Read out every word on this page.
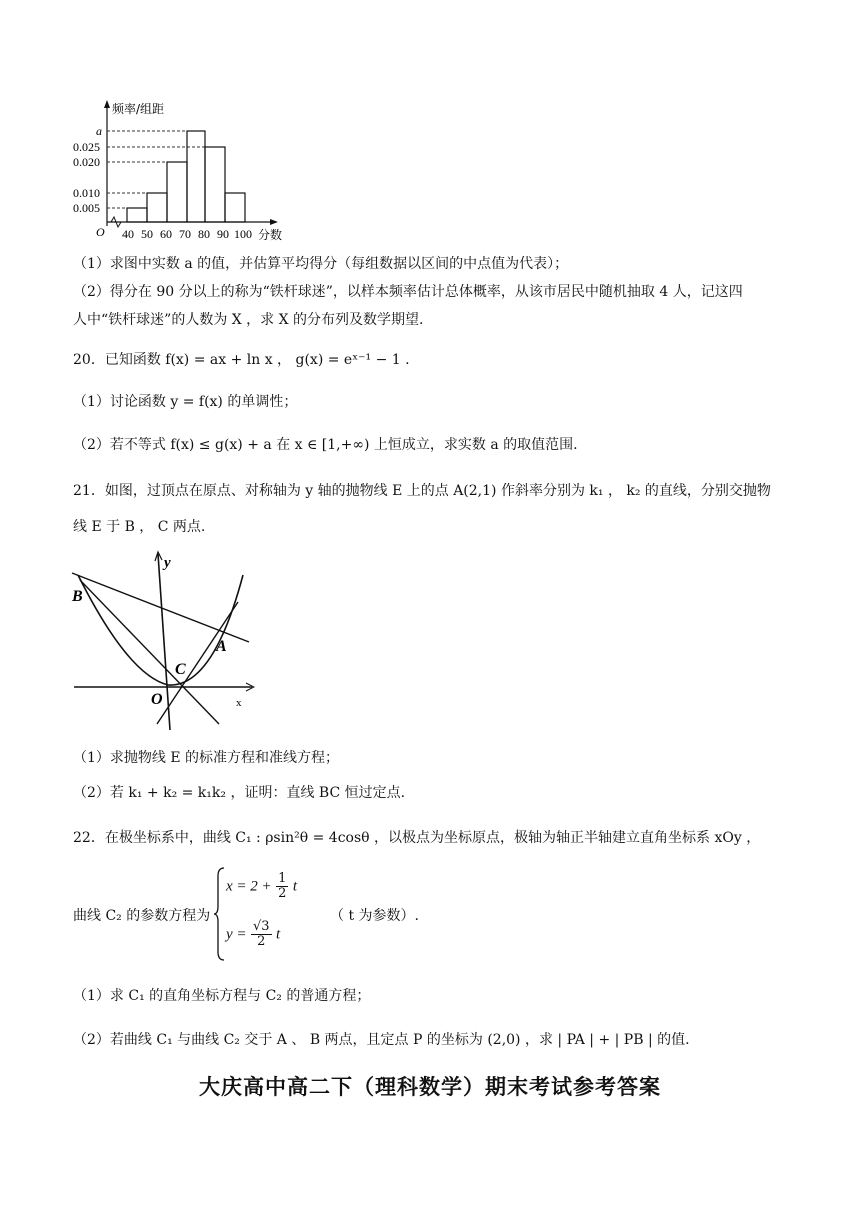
频率/组距
a
0.025
0.020
0.010
0.005
O 40 50 60 70 80 90 100 分数
（1）求图中实数 a 的值，并估算平均得分（每组数据以区间的中点值为代表）；
（2）得分在 90 分以上的称为“铁杆球迷”，以样本频率估计总体概率，从该市居民中随机抽取 4 人，记这四
人中“铁杆球迷”的人数为 X ，求 X 的分布列及数学期望.
20．已知函数 f(x) = ax + ln x ， g(x) = eˣ⁻¹ − 1 .
（1）讨论函数 y = f(x) 的单调性；
（2）若不等式 f(x) ≤ g(x) + a 在 x ∈ [1,+∞) 上恒成立，求实数 a 的取值范围.
21．如图，过顶点在原点、对称轴为 y 轴的抛物线 E 上的点 A(2,1) 作斜率分别为 k₁ ， k₂ 的直线，分别交抛物
线 E 于 B ， C 两点.
y
B
A
C
O	x
（1）求抛物线 E 的标准方程和准线方程；
（2）若 k₁ + k₂ = k₁k₂ ，证明：直线 BC 恒过定点.
22．在极坐标系中，曲线 C₁ : ρsin²θ = 4cosθ ，以极点为坐标原点，极轴为轴正半轴建立直角坐标系 xOy ，
曲线 C₂ 的参数方程为
$x = 2 + \frac{1}{2}$ t
$y = \frac{√3}{2}$ t
（ t 为参数）.
（1）求 C₁ 的直角坐标方程与 C₂ 的普通方程；
（2）若曲线 C₁ 与曲线 C₂ 交于 A 、 B 两点，且定点 P 的坐标为 (2,0) ，求 | PA | + | PB | 的值.
大庆高中高二下（理科数学）期末考试参考答案
